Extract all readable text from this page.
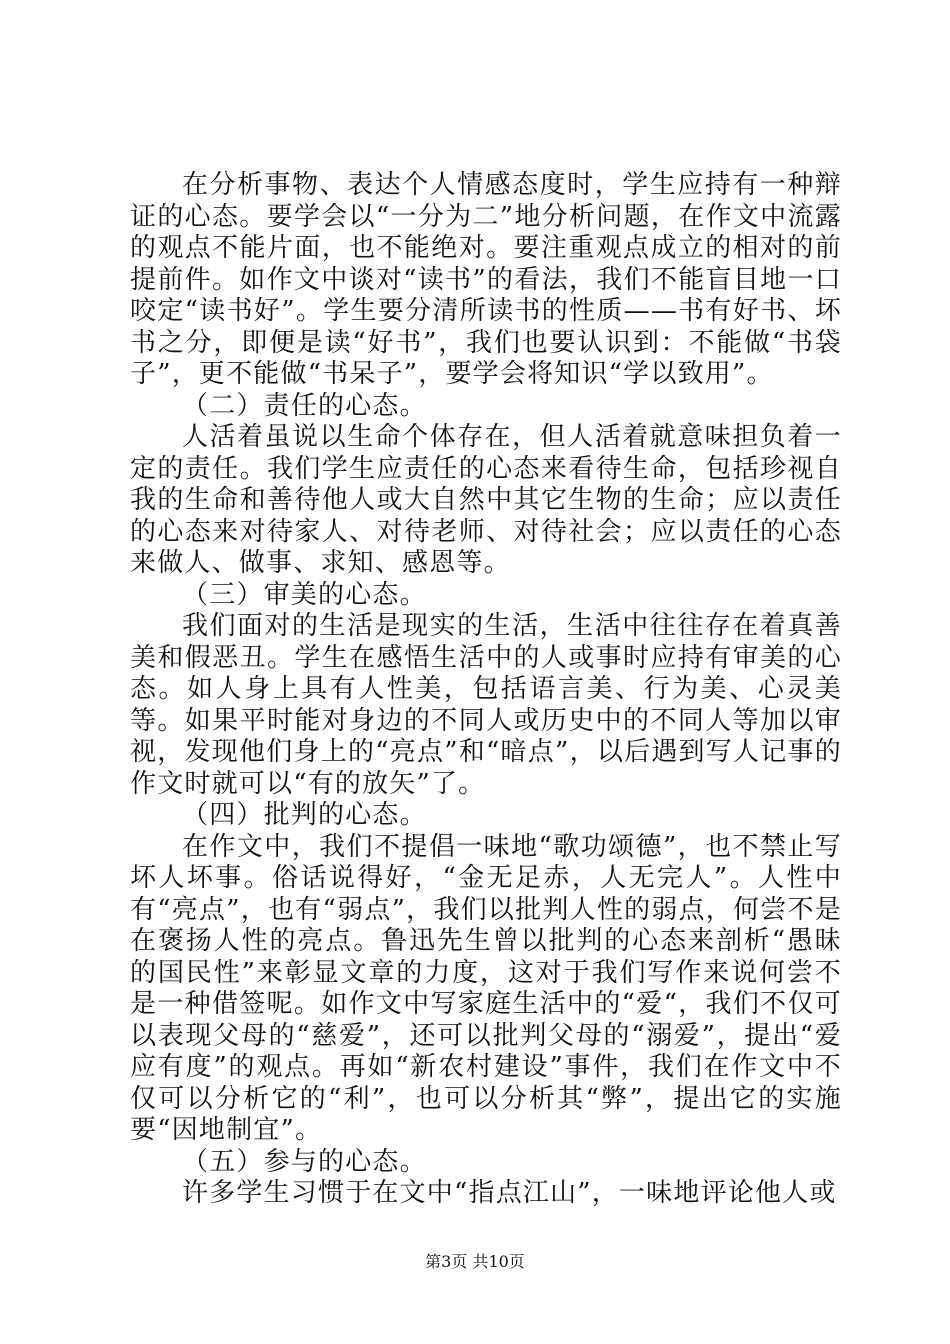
在分析事物、表达个人情感态度时，学生应持有一种辩证的心态。要学会以“一分为二”地分析问题，在作文中流露的观点不能片面，也不能绝对。要注重观点成立的相对的前提前件。如作文中谈对“读书”的看法，我们不能盲目地一口咬定“读书好”。学生要分清所读书的性质——书有好书、坏书之分，即便是读“好书”，我们也要认识到：不能做“书袋子”，更不能做“书呆子”，要学会将知识“学以致用”。

（二）责任的心态。

人活着虽说以生命个体存在，但人活着就意味担负着一定的责任。我们学生应责任的心态来看待生命，包括珍视自我的生命和善待他人或大自然中其它生物的生命；应以责任的心态来对待家人、对待老师、对待社会；应以责任的心态来做人、做事、求知、感恩等。

（三）审美的心态。

我们面对的生活是现实的生活，生活中往往存在着真善美和假恶丑。学生在感悟生活中的人或事时应持有审美的心态。如人身上具有人性美，包括语言美、行为美、心灵美等。如果平时能对身边的不同人或历史中的不同人等加以审视，发现他们身上的“亮点”和“暗点”，以后遇到写人记事的作文时就可以“有的放矢”了。

（四）批判的心态。

在作文中，我们不提倡一味地“歌功颂德”，也不禁止写坏人坏事。俗话说得好，“金无足赤，人无完人”。人性中有“亮点”，也有“弱点”，我们以批判人性的弱点，何尝不是在褒扬人性的亮点。鲁迅先生曾以批判的心态来剖析“愚昧的国民性”来彰显文章的力度，这对于我们写作来说何尝不是一种借签呢。如作文中写家庭生活中的“爱“，我们不仅可以表现父母的“慈爱”，还可以批判父母的“溺爱”，提出“爱应有度”的观点。再如“新农村建设”事件，我们在作文中不仅可以分析它的“利”，也可以分析其“弊”，提出它的实施要“因地制宜”。

（五）参与的心态。

许多学生习惯于在文中“指点江山”，一味地评论他人或

第3页 共10页
